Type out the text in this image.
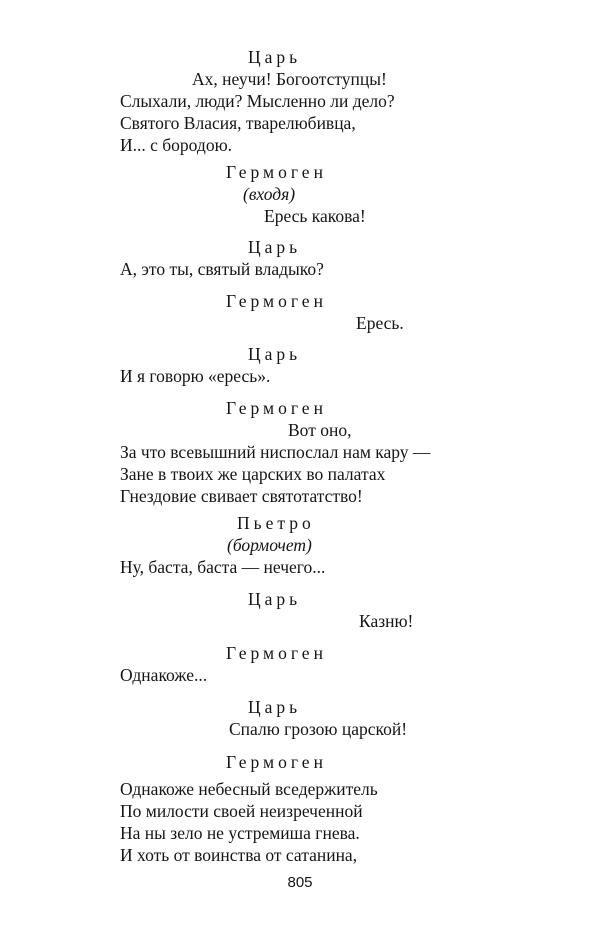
Царь
Ах, неучи! Богоотступцы!
Слыхали, люди? Мысленно ли дело?
Святого Власия, тварелюбивца,
И... с бородою.
Гермоген
(входя)
Ересь какова!
Царь
А, это ты, святый владыко?
Гермоген
Ересь.
Царь
И я говорю «ересь».
Гермоген
Вот оно,
За что всевышний ниспослал нам кару —
Зане в твоих же царских во палатах
Гнездовие свивает святотатство!
Пьетро
(бормочет)
Ну, баста, баста — нечего...
Царь
Казню!
Гермоген
Однакоже...
Царь
Спалю грозою царской!
Гермоген
Однакоже небесный вседержитель
По милости своей неизреченной
На ны зело не устремиша гнева.
И хоть от воинства от сатанина,
805
